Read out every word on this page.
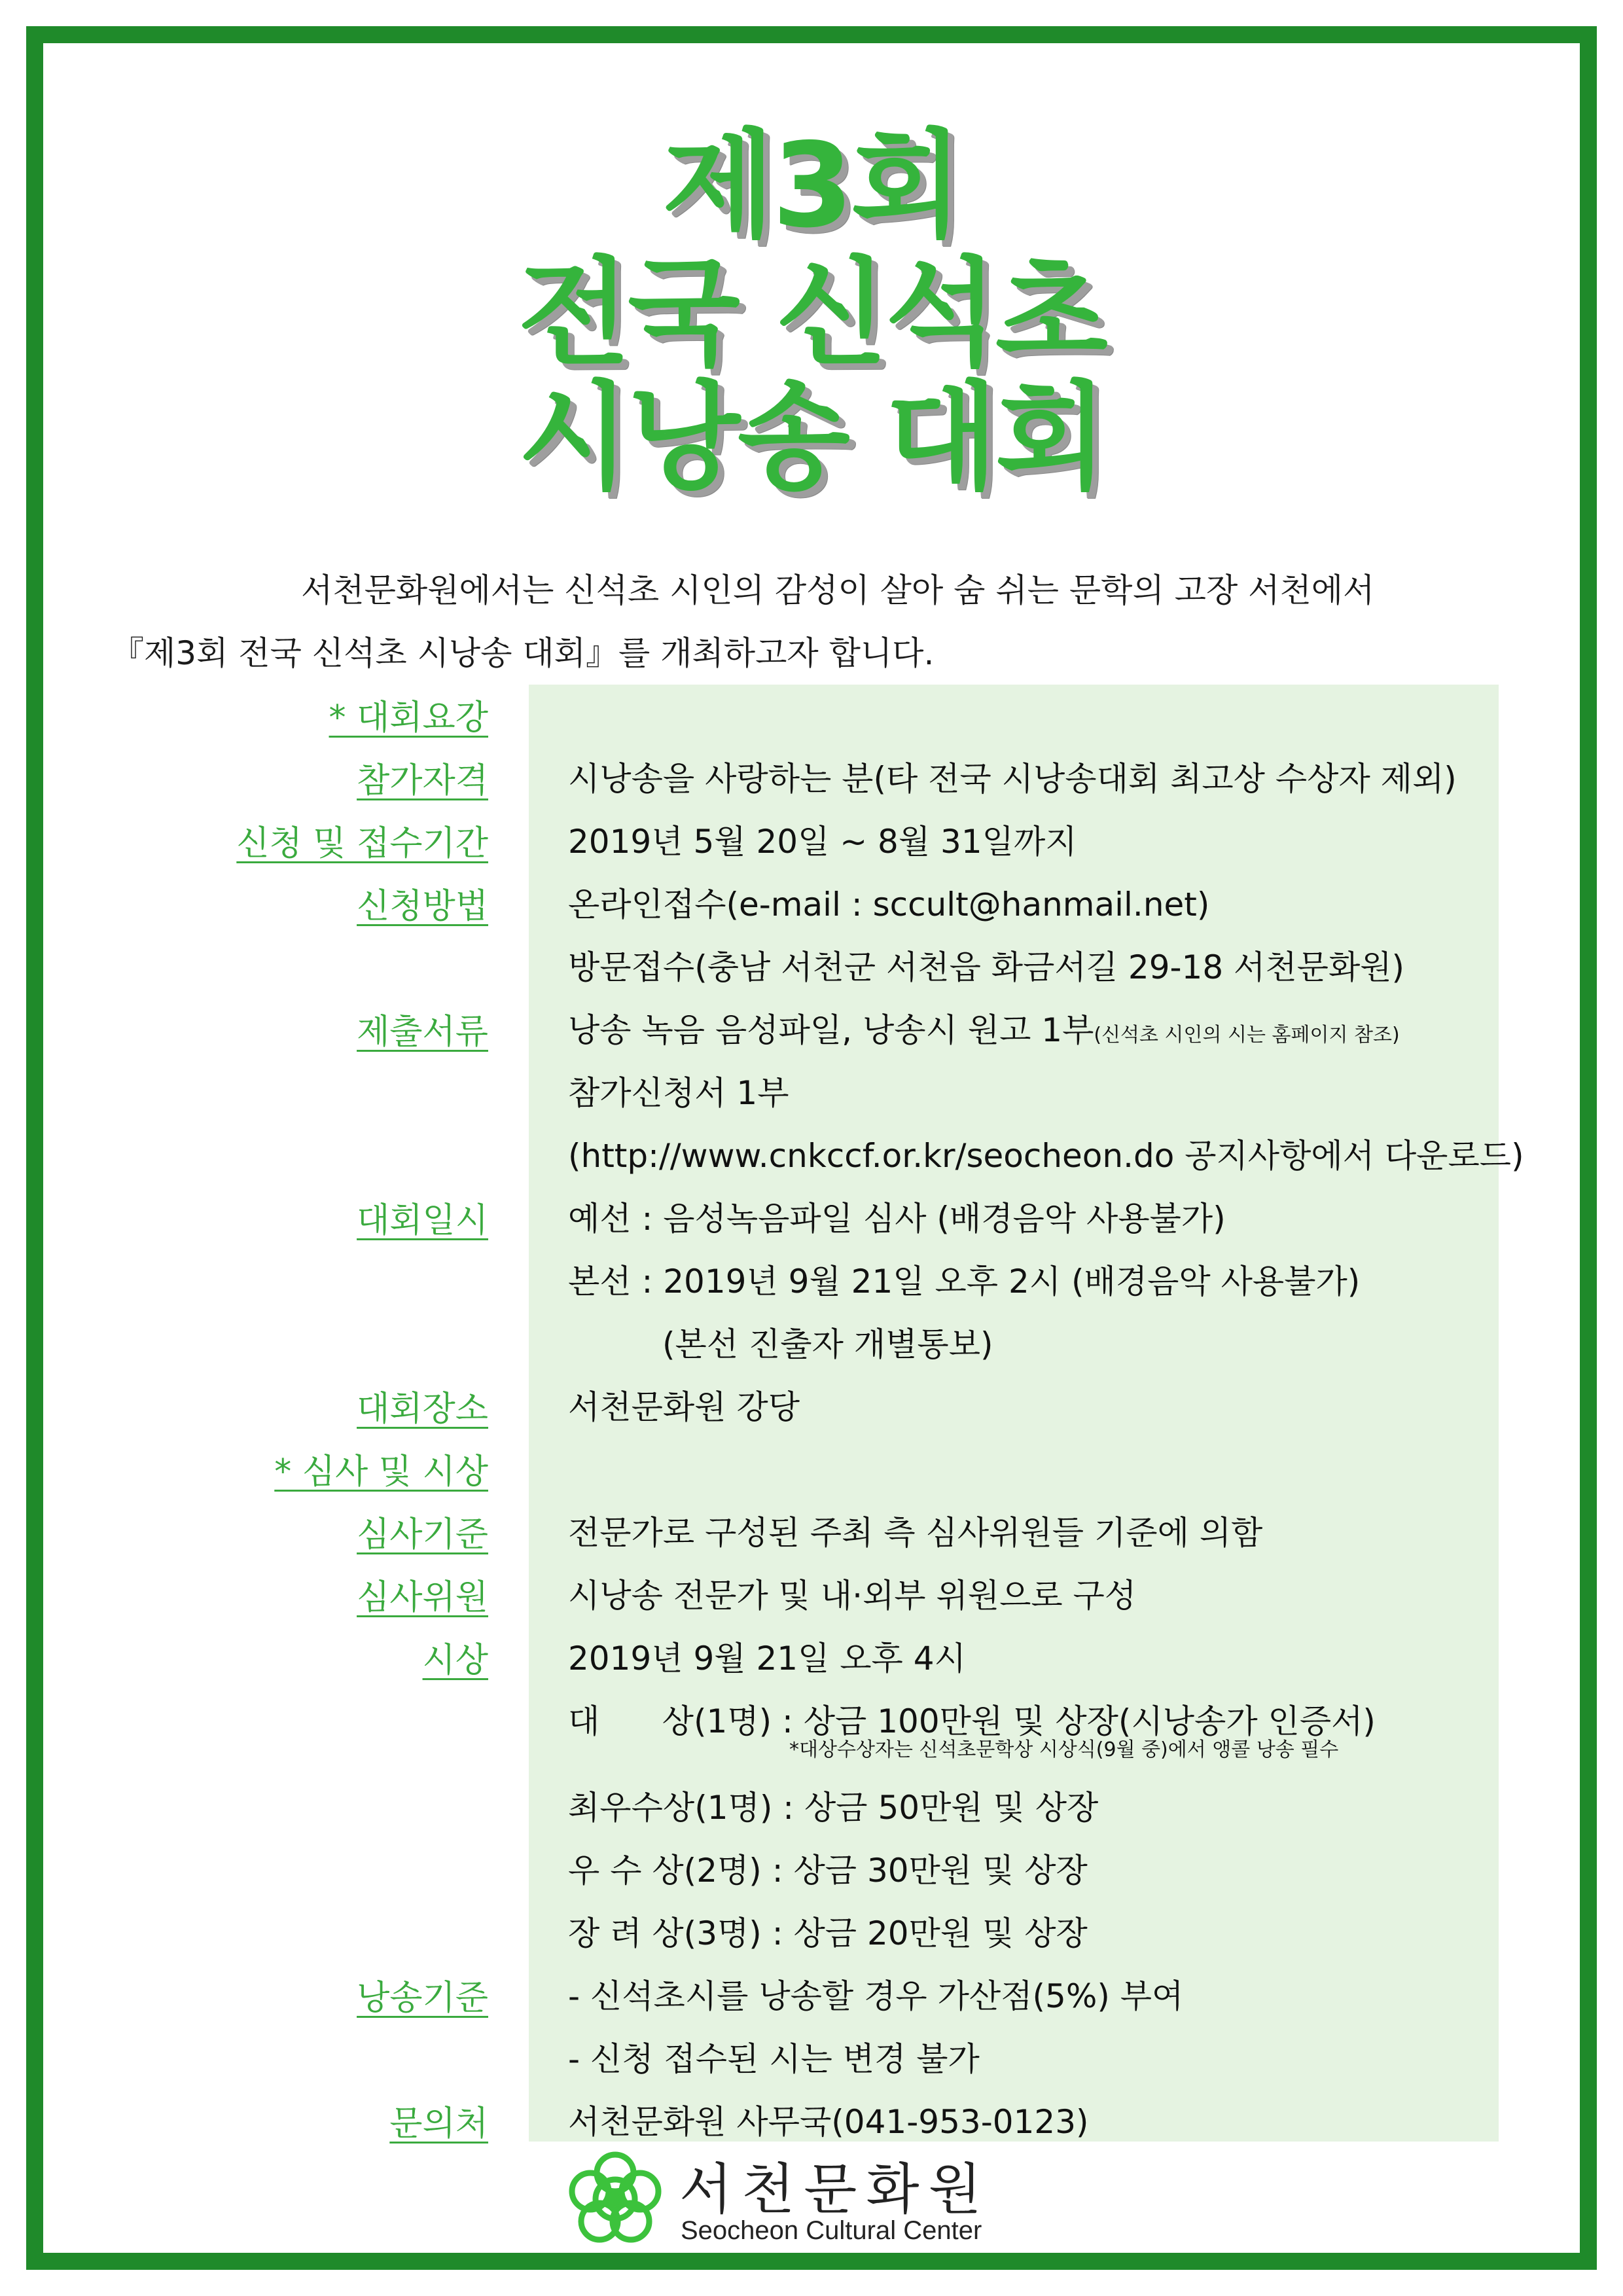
제3회
전국 신석초
시낭송 대회
서천문화원에서는 신석초 시인의 감성이 살아 숨 쉬는 문학의 고장 서천에서
『제3회 전국 신석초 시낭송 대회』를 개최하고자 합니다.
* 대회요강
참가자격 시낭송을 사랑하는 분(타 전국 시낭송대회 최고상 수상자 제외)
신청 및 접수기간 2019년 5월 20일 ~ 8월 31일까지
신청방법 온라인접수(e-mail : sccult@hanmail.net)
방문접수(충남 서천군 서천읍 화금서길 29-18 서천문화원)
제출서류 낭송 녹음 음성파일, 낭송시 원고 1부(신석초 시인의 시는 홈페이지 참조)
참가신청서 1부
(http://www.cnkccf.or.kr/seocheon.do 공지사항에서 다운로드)
대회일시 예선 : 음성녹음파일 심사 (배경음악 사용불가)
본선 : 2019년 9월 21일 오후 2시 (배경음악 사용불가)
(본선 진출자 개별통보)
대회장소 서천문화원 강당
* 심사 및 시상
심사기준 전문가로 구성된 주최 측 심사위원들 기준에 의함
심사위원 시낭송 전문가 및 내·외부 위원으로 구성
시상 2019년 9월 21일 오후 4시
대      상(1명) : 상금 100만원 및 상장(시낭송가 인증서)
*대상수상자는 신석초문학상 시상식(9월 중)에서 앵콜 낭송 필수
최우수상(1명) : 상금 50만원 및 상장
우 수 상(2명) : 상금 30만원 및 상장
장 려 상(3명) : 상금 20만원 및 상장
낭송기준 - 신석초시를 낭송할 경우 가산점(5%) 부여
- 신청 접수된 시는 변경 불가
문의처 서천문화원 사무국(041-953-0123)
서천문화원
Seocheon Cultural Center
